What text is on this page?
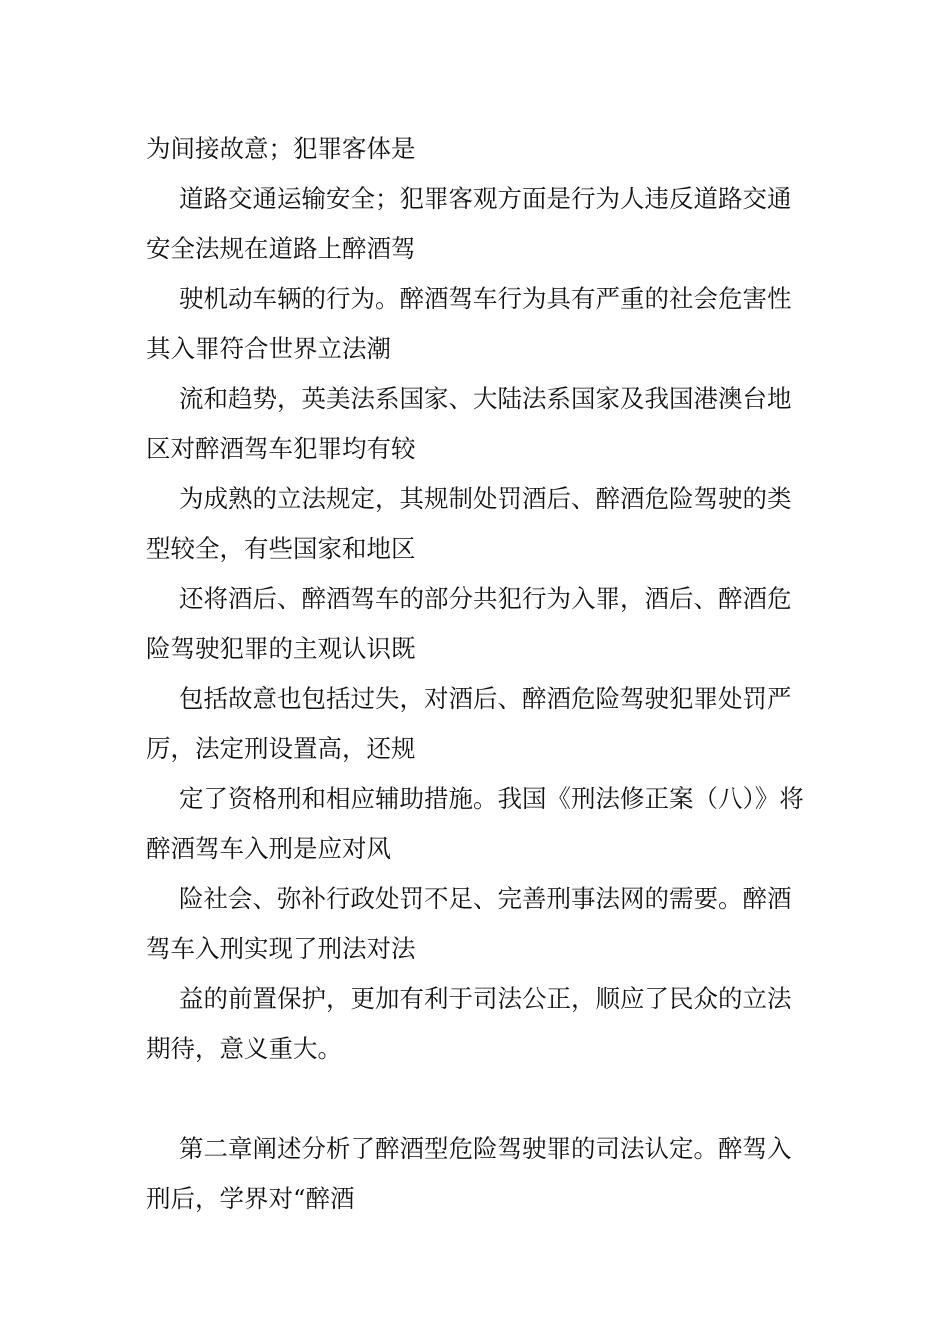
为间接故意；犯罪客体是
道路交通运输安全；犯罪客观方面是行为人违反道路交通
安全法规在道路上醉酒驾
驶机动车辆的行为。醉酒驾车行为具有严重的社会危害性
其入罪符合世界立法潮
流和趋势，英美法系国家、大陆法系国家及我国港澳台地
区对醉酒驾车犯罪均有较
为成熟的立法规定，其规制处罚酒后、醉酒危险驾驶的类
型较全，有些国家和地区
还将酒后、醉酒驾车的部分共犯行为入罪，酒后、醉酒危
险驾驶犯罪的主观认识既
包括故意也包括过失，对酒后、醉酒危险驾驶犯罪处罚严
厉，法定刑设置高，还规
定了资格刑和相应辅助措施。我国《刑法修正案（八）》将
醉酒驾车入刑是应对风
险社会、弥补行政处罚不足、完善刑事法网的需要。醉酒
驾车入刑实现了刑法对法
益的前置保护，更加有利于司法公正，顺应了民众的立法
期待，意义重大。
第二章阐述分析了醉酒型危险驾驶罪的司法认定。醉驾入
刑后，学界对“醉酒
